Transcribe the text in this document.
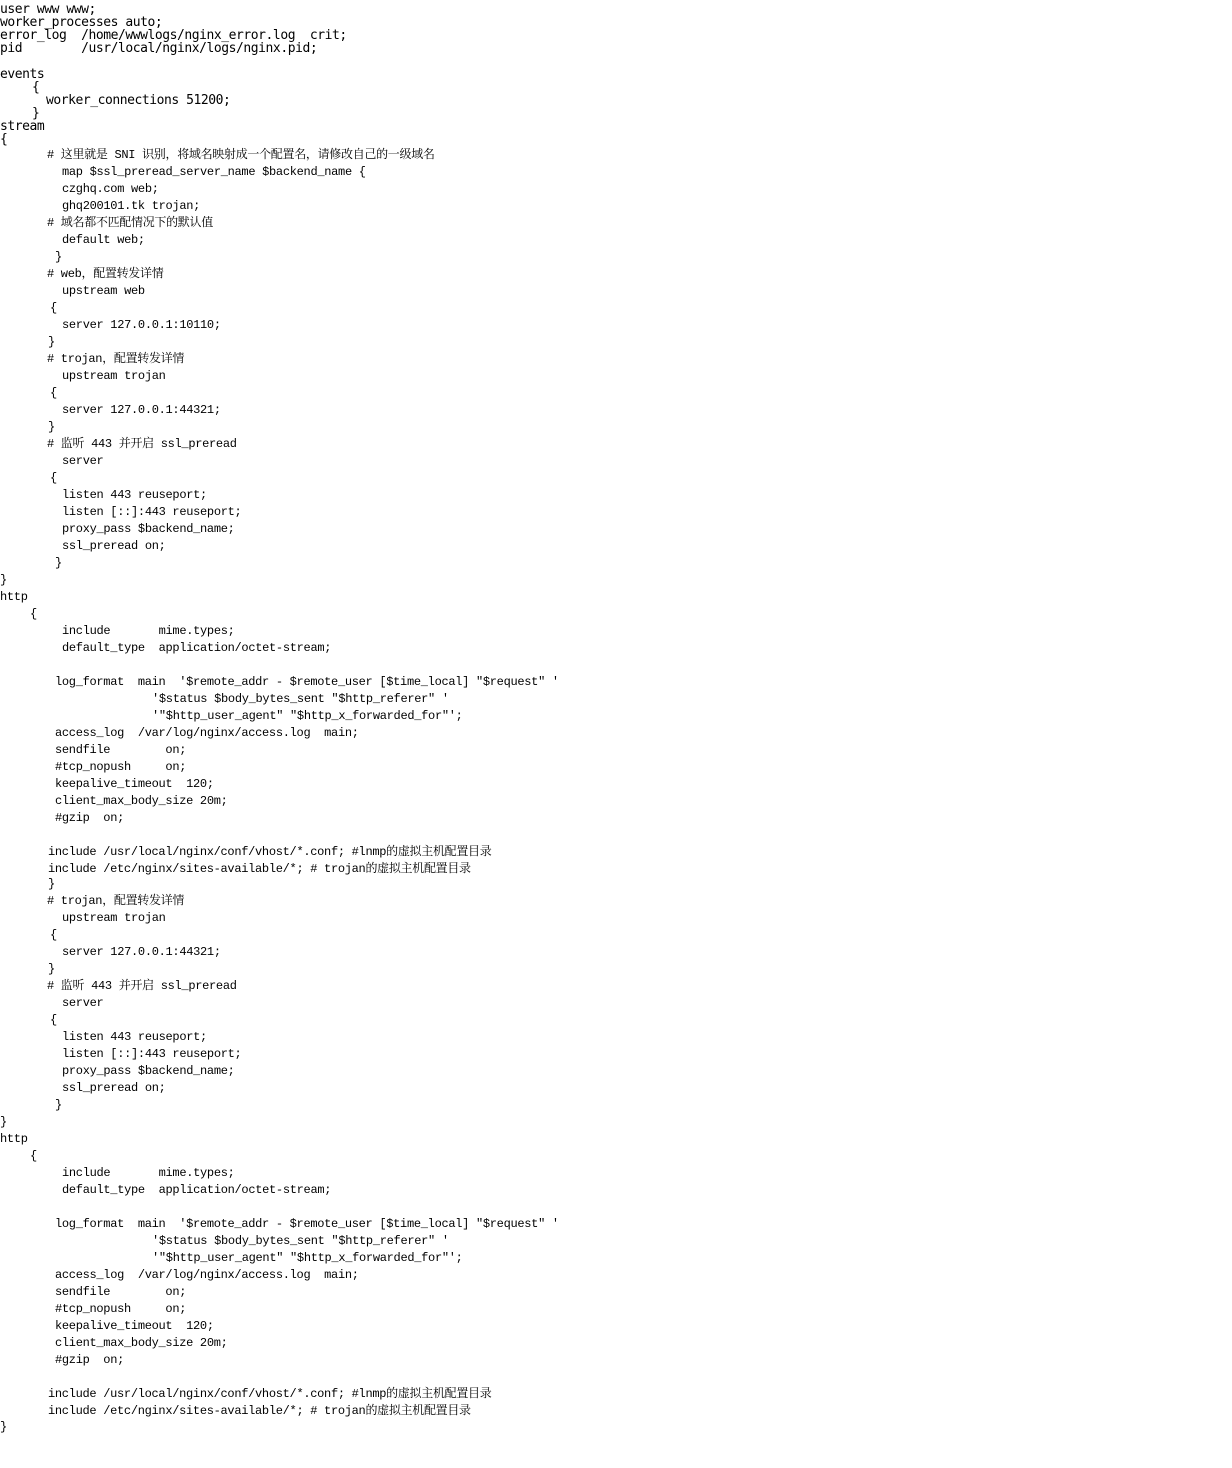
user www www;
worker_processes auto;
error_log  /home/wwwlogs/nginx_error.log  crit;
pid        /usr/local/nginx/logs/nginx.pid;
events
{
worker_connections 51200;
}
stream
{
# 这里就是 SNI 识别，将域名映射成一个配置名，请修改自己的一级域名
map $ssl_preread_server_name $backend_name {
czghq.com web;
ghq200101.tk trojan;
# 域名都不匹配情况下的默认值
default web;
}
# web，配置转发详情
upstream web
{
server 127.0.0.1:10110;
}
# trojan，配置转发详情
upstream trojan
{
server 127.0.0.1:44321;
}
# 监听 443 并开启 ssl_preread
server
{
listen 443 reuseport;
listen [::]:443 reuseport;
proxy_pass $backend_name;
ssl_preread on;
}
}
http
{
include       mime.types;
default_type  application/octet-stream;
log_format  main  '$remote_addr - $remote_user [$time_local] "$request" '
'$status $body_bytes_sent "$http_referer" '
'"$http_user_agent" "$http_x_forwarded_for"';
access_log  /var/log/nginx/access.log  main;
sendfile        on;
#tcp_nopush     on;
keepalive_timeout  120;
client_max_body_size 20m;
#gzip  on;
include /usr/local/nginx/conf/vhost/*.conf; #lnmp的虚拟主机配置目录
include /etc/nginx/sites-available/*; # trojan的虚拟主机配置目录
}
# trojan，配置转发详情
upstream trojan
{
server 127.0.0.1:44321;
}
# 监听 443 并开启 ssl_preread
server
{
listen 443 reuseport;
listen [::]:443 reuseport;
proxy_pass $backend_name;
ssl_preread on;
}
}
http
{
include       mime.types;
default_type  application/octet-stream;
log_format  main  '$remote_addr - $remote_user [$time_local] "$request" '
'$status $body_bytes_sent "$http_referer" '
'"$http_user_agent" "$http_x_forwarded_for"';
access_log  /var/log/nginx/access.log  main;
sendfile        on;
#tcp_nopush     on;
keepalive_timeout  120;
client_max_body_size 20m;
#gzip  on;
include /usr/local/nginx/conf/vhost/*.conf; #lnmp的虚拟主机配置目录
include /etc/nginx/sites-available/*; # trojan的虚拟主机配置目录
}
